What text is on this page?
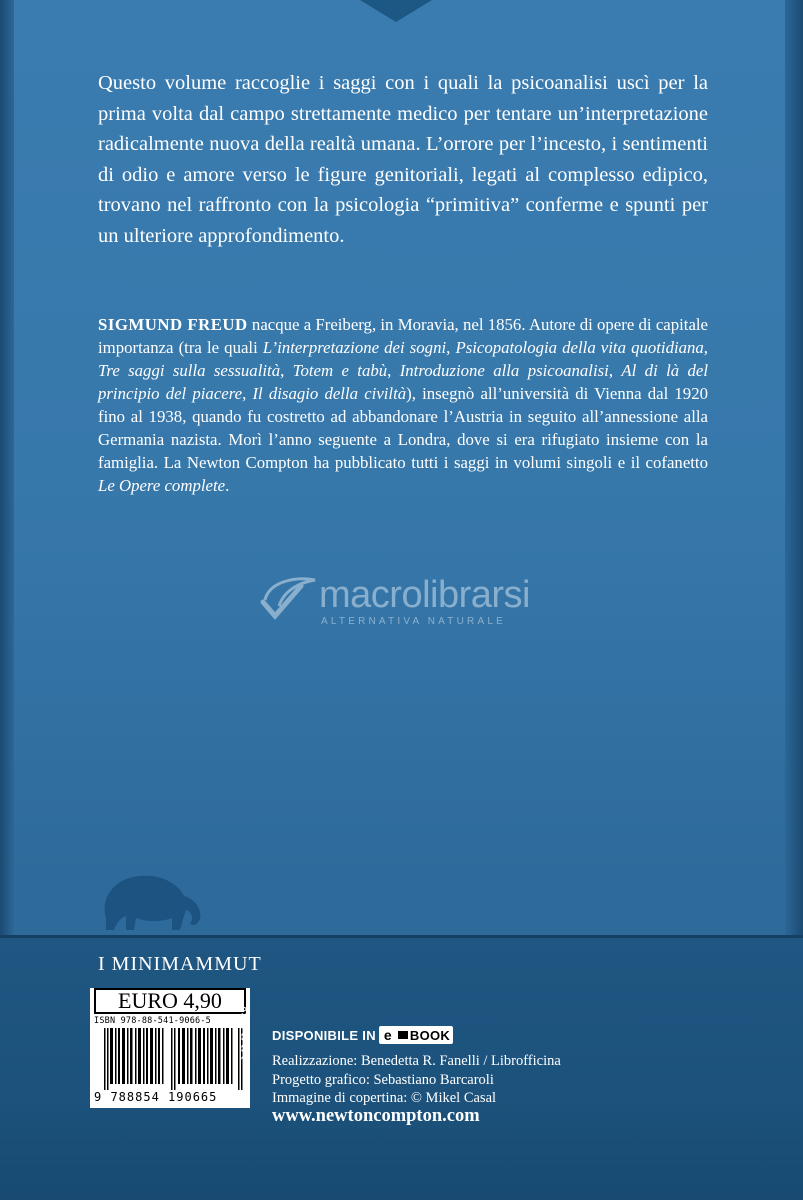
Questo volume raccoglie i saggi con i quali la psicoanalisi uscì per la prima volta dal campo strettamente medico per tentare un’interpretazione radicalmente nuova della realtà umana. L’orrore per l’incesto, i sentimenti di odio e amore verso le figure genitoriali, legati al complesso edipico, trovano nel raffronto con la psicologia “primitiva” conferme e spunti per un ulteriore approfondimento.
SIGMUND FREUD nacque a Freiberg, in Moravia, nel 1856. Autore di opere di capitale importanza (tra le quali L’interpretazione dei sogni, Psicopatologia della vita quotidiana, Tre saggi sulla sessualità, Totem e tabù, Introduzione alla psicoanalisi, Al di là del principio del piacere, Il disagio della civiltà), insegnò all’università di Vienna dal 1920 fino al 1938, quando fu costretto ad abbandonare l’Austria in seguito all’annessione alla Germania nazista. Morì l’anno seguente a Londra, dove si era rifugiato insieme con la famiglia. La Newton Compton ha pubblicato tutti i saggi in volumi singoli e il cofanetto Le Opere complete.
macrolibrarsi
ALTERNATIVA NATURALE
I MINIMAMMUT
EURO 4,90
ISBN 978-88-541-9066-5
9 788854 190665
MMM168 DISPONIBILE IN e	BOOK
Realizzazione: Benedetta R. Fanelli / Librofficina
Progetto grafico: Sebastiano Barcaroli
Immagine di copertina: © Mikel Casal
www.newtoncompton.com
